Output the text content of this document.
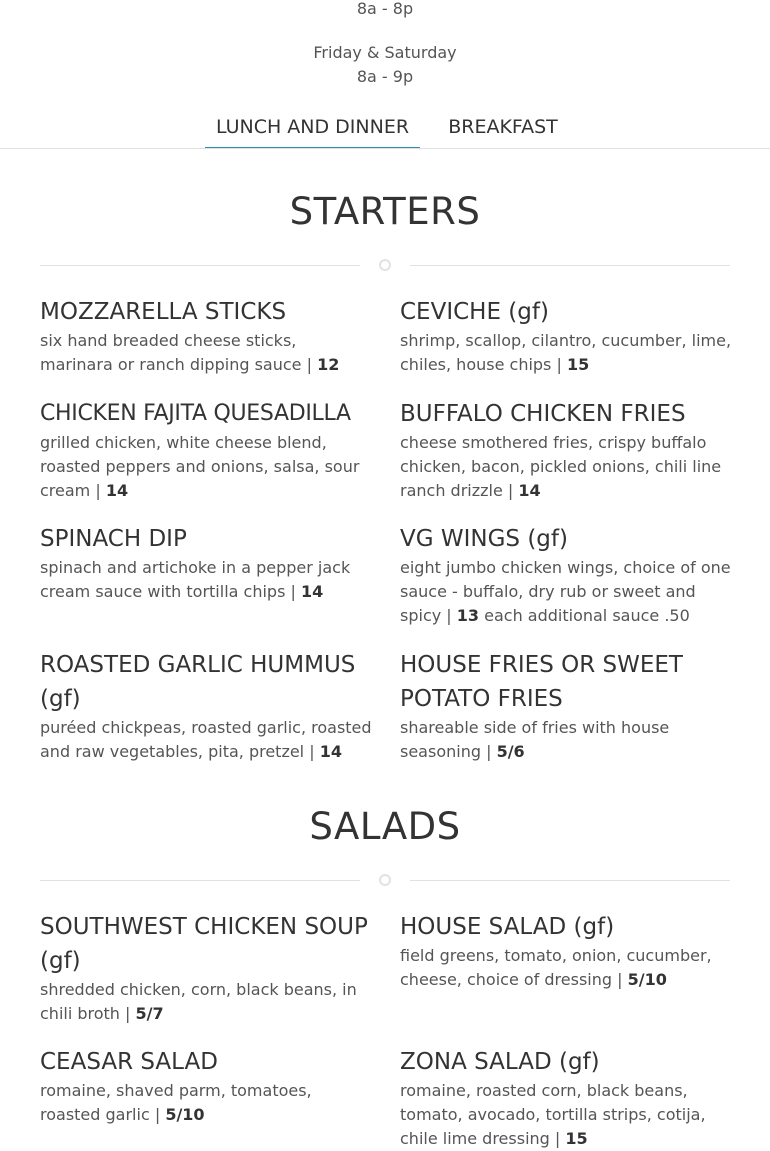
8a - 8p
Friday & Saturday
8a - 9p
LUNCH AND DINNER	BREAKFAST
STARTERS
MOZZARELLA STICKS

six hand breaded cheese sticks, marinara or ranch dipping sauce | 12

CEVICHE (gf)

shrimp, scallop, cilantro, cucumber, lime, chiles, house chips | 15

CHICKEN FAJITA QUESADILLA

grilled chicken, white cheese blend, roasted peppers and onions, salsa, sour cream | 14

BUFFALO CHICKEN FRIES

cheese smothered fries, crispy buffalo chicken, bacon, pickled onions, chili line ranch drizzle | 14

SPINACH DIP

spinach and artichoke in a pepper jack cream sauce with tortilla chips | 14

VG WINGS (gf)

eight jumbo chicken wings, choice of one sauce - buffalo, dry rub or sweet and spicy | 13 each additional sauce .50

ROASTED GARLIC HUMMUS (gf)

puréed chickpeas, roasted garlic, roasted and raw vegetables, pita, pretzel | 14

HOUSE FRIES OR SWEET POTATO FRIES

shareable side of fries with house seasoning | 5/6

SALADS
SOUTHWEST CHICKEN SOUP (gf)

shredded chicken, corn, black beans, in chili broth | 5/7

HOUSE SALAD (gf)

field greens, tomato, onion, cucumber, cheese, choice of dressing | 5/10

CEASAR SALAD

romaine, shaved parm, tomatoes, roasted garlic | 5/10

ZONA SALAD (gf)

romaine, roasted corn, black beans, tomato, avocado, tortilla strips, cotija, chile lime dressing | 15
